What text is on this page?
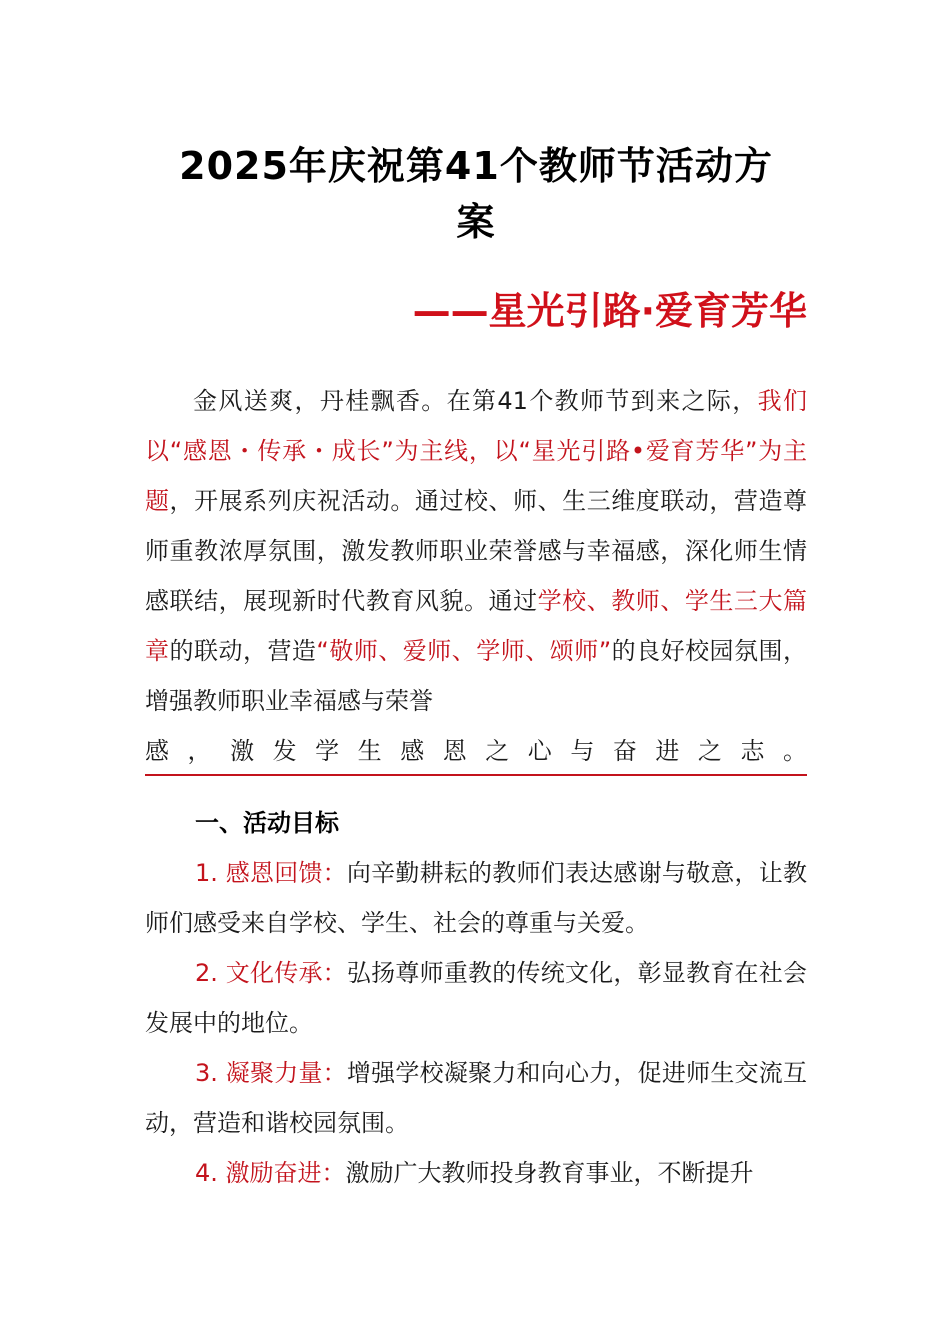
2025年庆祝第41个教师节活动方
案
——星光引路·爱育芳华

金风送爽，丹桂飘香。在第41个教师节到来之际，我们以“感恩・传承・成长”为主线，以“星光引路•爱育芳华”为主题，开展系列庆祝活动。通过校、师、生三维度联动，营造尊师重教浓厚氛围，激发教师职业荣誉感与幸福感，深化师生情感联结，展现新时代教育风貌。通过学校、教师、学生三大篇章的联动，营造“敬师、爱师、学师、颂师”的良好校园氛围，增强教师职业幸福感与荣誉

感 ， 激 发 学 生 感 恩 之 心 与 奋 进 之 志 。
一、活动目标

1. 感恩回馈：向辛勤耕耘的教师们表达感谢与敬意，让教师们感受来自学校、学生、社会的尊重与关爱。

2. 文化传承：弘扬尊师重教的传统文化，彰显教育在社会发展中的地位。

3. 凝聚力量：增强学校凝聚力和向心力，促进师生交流互动，营造和谐校园氛围。

4. 激励奋进：激励广大教师投身教育事业，不断提升
